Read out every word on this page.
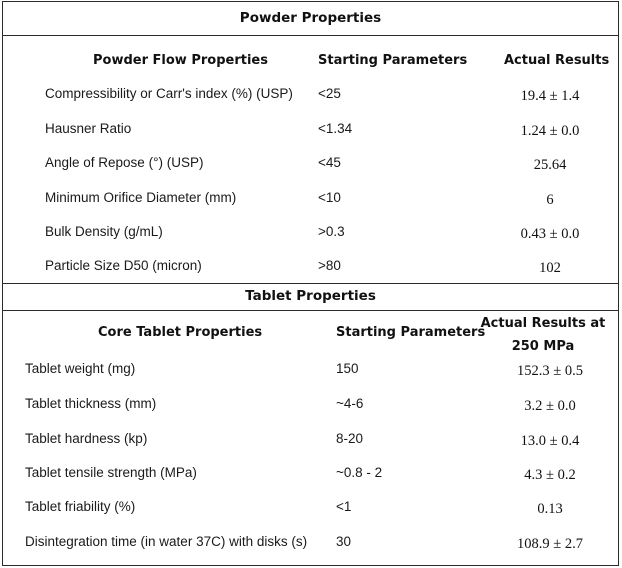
Powder Properties
Powder Flow Properties	Starting Parameters	Actual Results
Compressibility or Carr's index (%) (USP) <25	19.4 ± 1.4
Hausner Ratio	<1.34	1.24 ± 0.0
Angle of Repose (°) (USP)	<45	25.64
Minimum Orifice Diameter (mm)	<10	6
Bulk Density (g/mL)	>0.3	0.43 ± 0.0
Particle Size D50 (micron)	>80	102
Tablet Properties
Core Tablet Properties	Starting Parameters
Actual Results at
250 MPa
Tablet weight (mg)	150	152.3 ± 0.5
Tablet thickness (mm)	~4-6	3.2 ± 0.0
Tablet hardness (kp)	8-20	13.0 ± 0.4
Tablet tensile strength (MPa)	~0.8 - 2	4.3 ± 0.2
Tablet friability (%)	<1	0.13
Disintegration time (in water 37C) with disks (s) 30	108.9 ± 2.7
